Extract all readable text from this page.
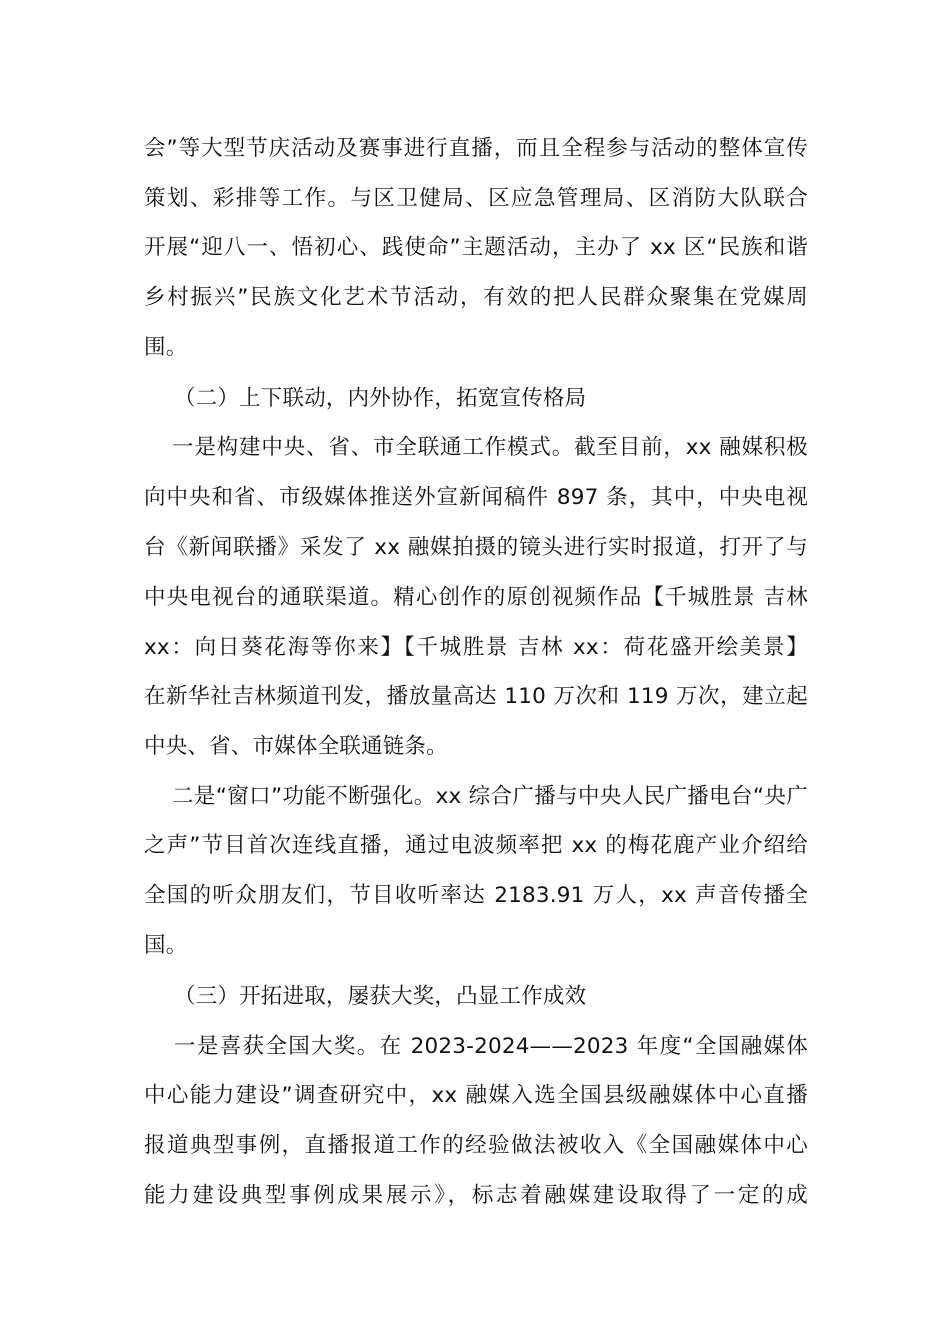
会”等大型节庆活动及赛事进行直播，而且全程参与活动的整体宣传
策划、彩排等工作。与区卫健局、区应急管理局、区消防大队联合
开展“迎八一、悟初心、践使命”主题活动，主办了 xx 区“民族和谐
乡村振兴”民族文化艺术节活动，有效的把人民群众聚集在党媒周
围。
（二）上下联动，内外协作，拓宽宣传格局
一是构建中央、省、市全联通工作模式。截至目前，xx 融媒积极
向中央和省、市级媒体推送外宣新闻稿件 897 条，其中，中央电视
台《新闻联播》采发了 xx 融媒拍摄的镜头进行实时报道，打开了与
中央电视台的通联渠道。精心创作的原创视频作品【千城胜景 吉林
xx：向日葵花海等你来】【千城胜景 吉林 xx：荷花盛开绘美景】
在新华社吉林频道刊发，播放量高达 110 万次和 119 万次，建立起
中央、省、市媒体全联通链条。
二是“窗口”功能不断强化。xx 综合广播与中央人民广播电台“央广
之声”节目首次连线直播，通过电波频率把 xx 的梅花鹿产业介绍给
全国的听众朋友们，节目收听率达 2183.91 万人，xx 声音传播全
国。
（三）开拓进取，屡获大奖，凸显工作成效
一是喜获全国大奖。在 2023-2024——2023 年度“全国融媒体
中心能力建设”调查研究中，xx 融媒入选全国县级融媒体中心直播
报道典型事例，直播报道工作的经验做法被收入《全国融媒体中心
能力建设典型事例成果展示》，标志着融媒建设取得了一定的成
